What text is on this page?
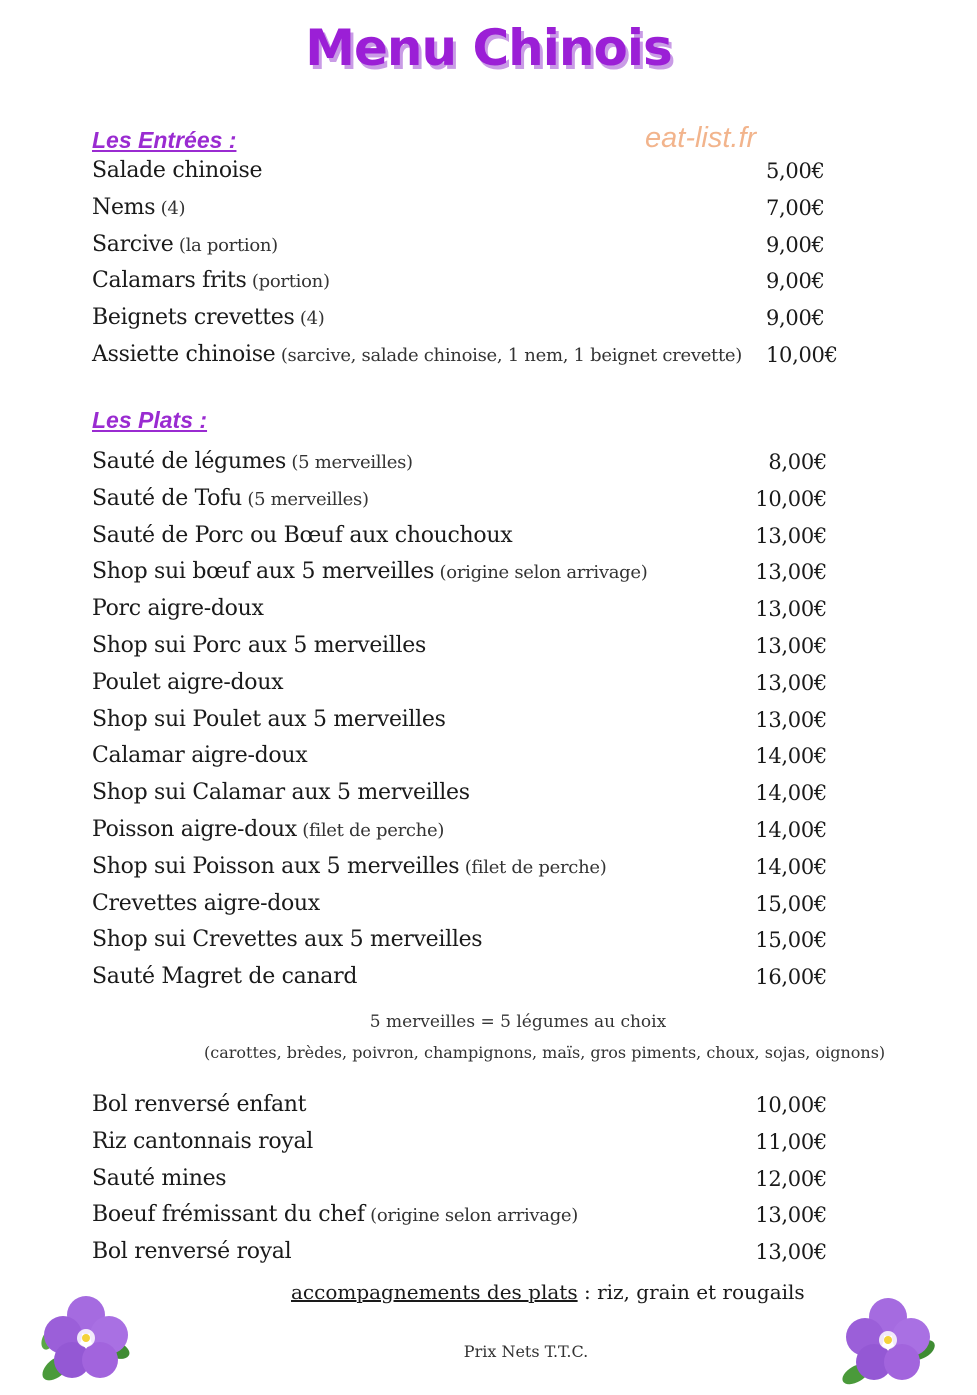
Menu Chinois
eat-list.fr
Les Entrées :
Salade chinoise	5,00€
Nems (4)	7,00€
Sarcive (la portion)	9,00€
Calamars frits (portion)	9,00€
Beignets crevettes (4)	9,00€
Assiette chinoise (sarcive, salade chinoise, 1 nem, 1 beignet crevette) 10,00€
Les Plats :
Sauté de légumes (5 merveilles)	8,00€
Sauté de Tofu (5 merveilles)	10,00€
Sauté de Porc ou Bœuf aux chouchoux	13,00€
Shop sui bœuf aux 5 merveilles (origine selon arrivage)	13,00€
Porc aigre-doux	13,00€
Shop sui Porc aux 5 merveilles	13,00€
Poulet aigre-doux	13,00€
Shop sui Poulet aux 5 merveilles	13,00€
Calamar aigre-doux	14,00€
Shop sui Calamar aux 5 merveilles	14,00€
Poisson aigre-doux (filet de perche)	14,00€
Shop sui Poisson aux 5 merveilles (filet de perche)	14,00€
Crevettes aigre-doux	15,00€
Shop sui Crevettes aux 5 merveilles	15,00€
Sauté Magret de canard	16,00€
5 merveilles = 5 légumes au choix
(carottes, brèdes, poivron, champignons, maïs, gros piments, choux, sojas, oignons)
Bol renversé enfant	10,00€
Riz cantonnais royal	11,00€
Sauté mines	12,00€
Boeuf frémissant du chef (origine selon arrivage)	13,00€
Bol renversé royal	13,00€
accompagnements des plats : riz, grain et rougails
Prix Nets T.T.C.
